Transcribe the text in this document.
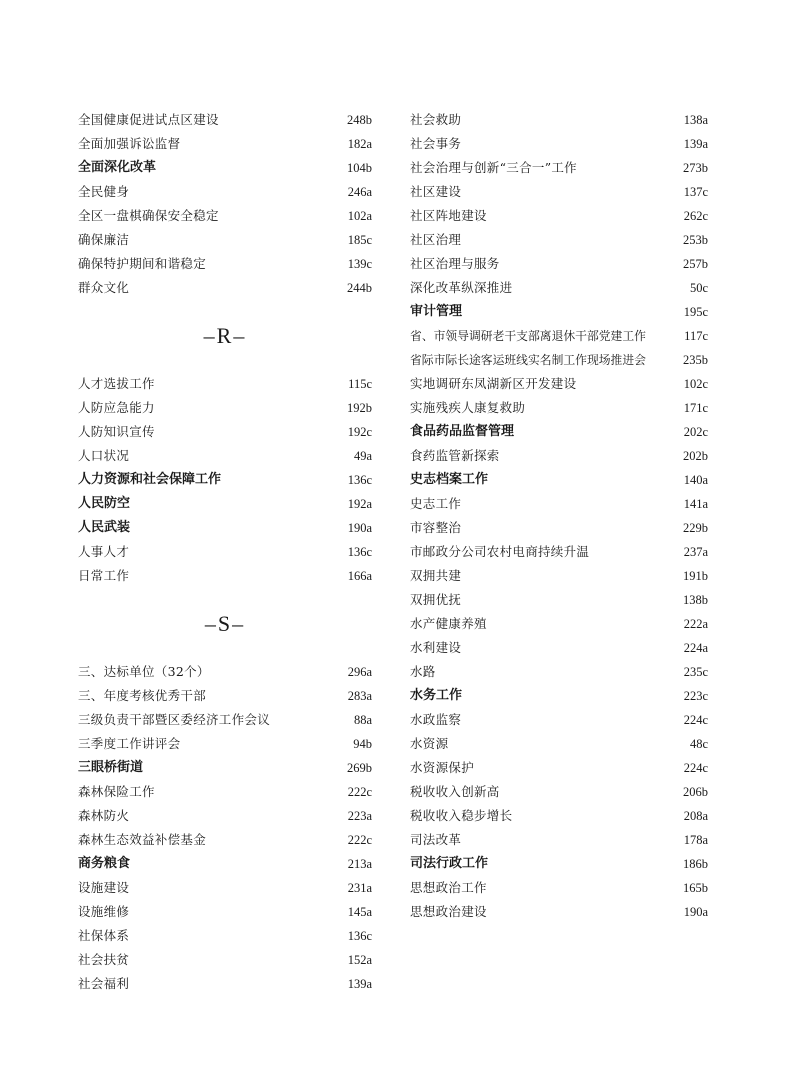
全国健康促进试点区建设	248b
全面加强诉讼监督	182a
全面深化改革	104b
全民健身	246a
全区一盘棋确保安全稳定	102a
确保廉洁	185c
确保特护期间和谐稳定	139c
群众文化	244b
–R–
人才选拔工作	115c
人防应急能力	192b
人防知识宣传	192c
人口状况	49a
人力资源和社会保障工作	136c
人民防空	192a
人民武装	190a
人事人才	136c
日常工作	166a
–S–
三、达标单位（32个）	296a
三、年度考核优秀干部	283a
三级负责干部暨区委经济工作会议	88a
三季度工作讲评会	94b
三眼桥街道	269b
森林保险工作	222c
森林防火	223a
森林生态效益补偿基金	222c
商务粮食	213a
设施建设	231a
设施维修	145a
社保体系	136c
社会扶贫	152a
社会福利	139a
社会救助	138a
社会事务	139a
社会治理与创新“三合一”工作	273b
社区建设	137c
社区阵地建设	262c
社区治理	253b
社区治理与服务	257b
深化改革纵深推进	50c
审计管理	195c
省、市领导调研老干支部离退休干部党建工作	117c
省际市际长途客运班线实名制工作现场推进会	235b
实地调研东凤湖新区开发建设	102c
实施残疾人康复救助	171c
食品药品监督管理	202c
食药监管新探索	202b
史志档案工作	140a
史志工作	141a
市容整治	229b
市邮政分公司农村电商持续升温	237a
双拥共建	191b
双拥优抚	138b
水产健康养殖	222a
水利建设	224a
水路	235c
水务工作	223c
水政监察	224c
水资源	48c
水资源保护	224c
税收收入创新高	206b
税收收入稳步增长	208a
司法改革	178a
司法行政工作	186b
思想政治工作	165b
思想政治建设	190a
